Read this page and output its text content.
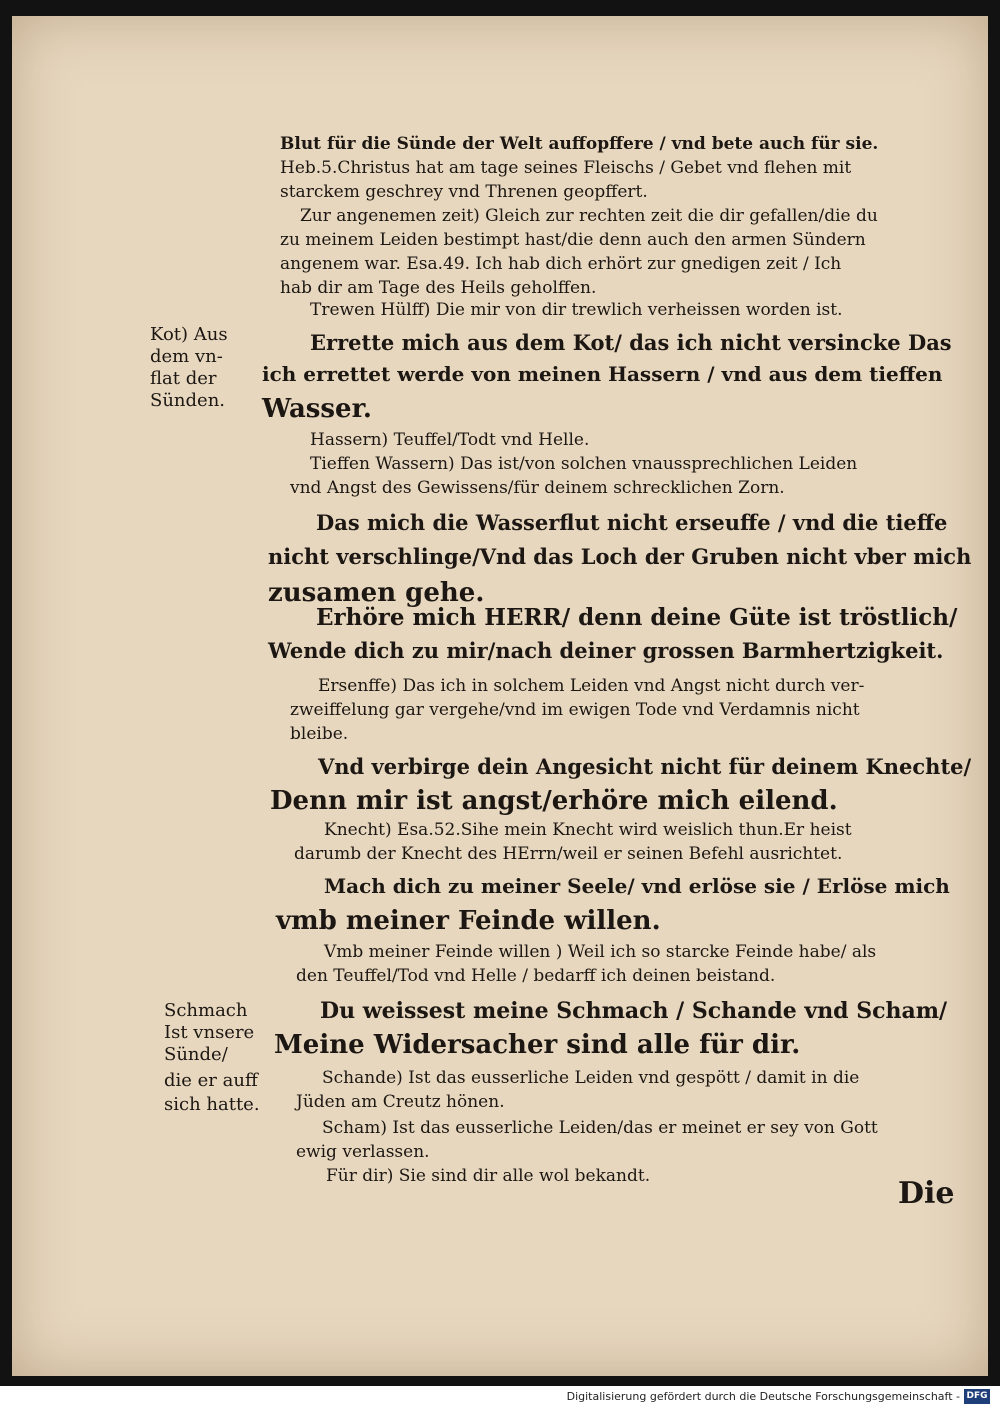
Blut für die Sünde der Welt auffopffere / vnd bete auch für sie.
Heb.5.Christus hat am tage seines Fleischs / Gebet vnd flehen mit
starckem geschrey vnd Threnen geopffert.
Zur angenemen zeit) Gleich zur rechten zeit die dir gefallen/die du
zu meinem Leiden bestimpt hast/die denn auch den armen Sündern
angenem war. Esa.49. Ich hab dich erhört zur gnedigen zeit / Ich
hab dir am Tage des Heils geholffen.
Trewen Hülff) Die mir von dir trewlich verheissen worden ist.
Errette mich aus dem Kot/ das ich nicht versincke Das
ich errettet werde von meinen Hassern / vnd aus dem tieffen
Wasser.
Hassern) Teuffel/Todt vnd Helle.
Tieffen Wassern) Das ist/von solchen vnaussprechlichen Leiden
vnd Angst des Gewissens/für deinem schrecklichen Zorn.
Das mich die Wasserflut nicht erseuffe / vnd die tieffe
nicht verschlinge/Vnd das Loch der Gruben nicht vber mich
zusamen gehe.
Erhöre mich HERR/ denn deine Güte ist tröstlich/
Wende dich zu mir/nach deiner grossen Barmhertzigkeit.
Ersenffe) Das ich in solchem Leiden vnd Angst nicht durch ver-
zweiffelung gar vergehe/vnd im ewigen Tode vnd Verdamnis nicht
bleibe.
Vnd verbirge dein Angesicht nicht für deinem Knechte/
Denn mir ist angst/erhöre mich eilend.
Knecht) Esa.52.Sihe mein Knecht wird weislich thun.Er heist
darumb der Knecht des HErrn/weil er seinen Befehl ausrichtet.
Mach dich zu meiner Seele/ vnd erlöse sie / Erlöse mich
vmb meiner Feinde willen.
Vmb meiner Feinde willen ) Weil ich so starcke Feinde habe/ als
den Teuffel/Tod vnd Helle / bedarff ich deinen beistand.
Du weissest meine Schmach / Schande vnd Scham/
Meine Widersacher sind alle für dir.
Schande) Ist das eusserliche Leiden vnd gespött / damit in die
Jüden am Creutz hönen.
Scham) Ist das eusserliche Leiden/das er meinet er sey von Gott
ewig verlassen.
Für dir) Sie sind dir alle wol bekandt.
Kot) Aus
dem vn-
flat der
Sünden.
Schmach
Ist vnsere
Sünde/
die er auff
sich hatte.
Die
Digitalisierung gefördert durch die Deutsche Forschungsgemeinschaft - DFG
